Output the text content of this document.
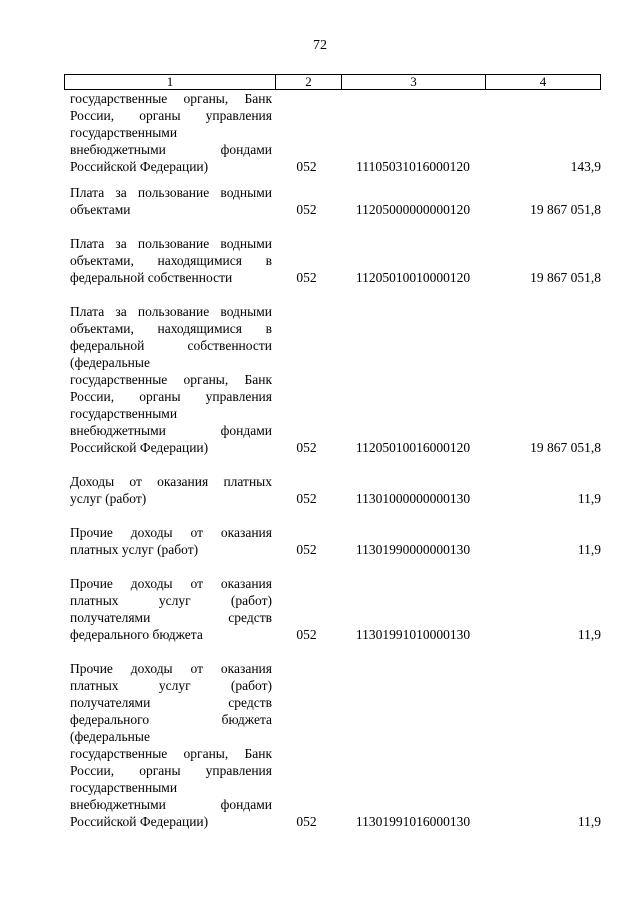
72
1	2	3	4
государственные органы, Банк
России, органы управления
государственными
внебюджетными фондами
Российской Федерации)	052	11105031016000120	143,9
Плата за пользование водными
объектами	052	11205000000000120	19 867 051,8
Плата за пользование водными
объектами, находящимися в
федеральной собственности	052	11205010010000120	19 867 051,8
Плата за пользование водными
объектами, находящимися в
федеральной собственности
(федеральные
государственные органы, Банк
России, органы управления
государственными
внебюджетными фондами
Российской Федерации)	052	11205010016000120	19 867 051,8
Доходы от оказания платных
услуг (работ)	052	11301000000000130	11,9
Прочие доходы от оказания
платных услуг (работ)	052	11301990000000130	11,9
Прочие доходы от оказания
платных услуг (работ)
получателями средств
федерального бюджета	052	11301991010000130	11,9
Прочие доходы от оказания
платных услуг (работ)
получателями средств
федерального бюджета
(федеральные
государственные органы, Банк
России, органы управления
государственными
внебюджетными фондами
Российской Федерации)	052	11301991016000130	11,9
